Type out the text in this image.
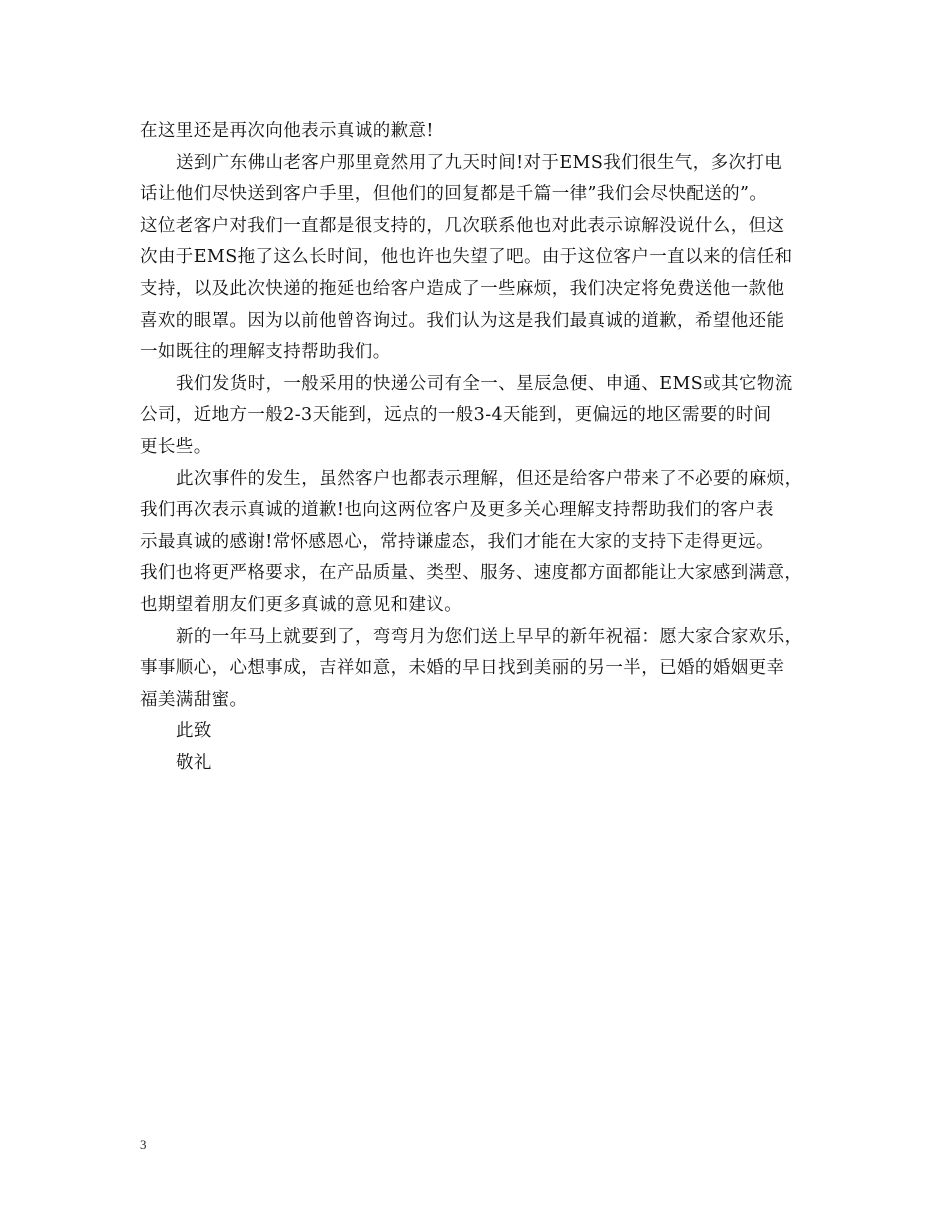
在这里还是再次向他表示真诚的歉意!
送到广东佛山老客户那里竟然用了九天时间!对于EMS我们很生气，多次打电
话让他们尽快送到客户手里，但他们的回复都是千篇一律”我们会尽快配送的”。
这位老客户对我们一直都是很支持的，几次联系他也对此表示谅解没说什么，但这
次由于EMS拖了这么长时间，他也许也失望了吧。由于这位客户一直以来的信任和
支持，以及此次快递的拖延也给客户造成了一些麻烦，我们决定将免费送他一款他
喜欢的眼罩。因为以前他曾咨询过。我们认为这是我们最真诚的道歉，希望他还能
一如既往的理解支持帮助我们。
我们发货时，一般采用的快递公司有全一、星辰急便、申通、EMS或其它物流
公司，近地方一般2-3天能到，远点的一般3-4天能到，更偏远的地区需要的时间
更长些。
此次事件的发生，虽然客户也都表示理解，但还是给客户带来了不必要的麻烦，
我们再次表示真诚的道歉!也向这两位客户及更多关心理解支持帮助我们的客户表
示最真诚的感谢!常怀感恩心，常持谦虚态，我们才能在大家的支持下走得更远。
我们也将更严格要求，在产品质量、类型、服务、速度都方面都能让大家感到满意，
也期望着朋友们更多真诚的意见和建议。
新的一年马上就要到了，弯弯月为您们送上早早的新年祝福：愿大家合家欢乐，
事事顺心，心想事成，吉祥如意，未婚的早日找到美丽的另一半，已婚的婚姻更幸
福美满甜蜜。
此致
敬礼
3
